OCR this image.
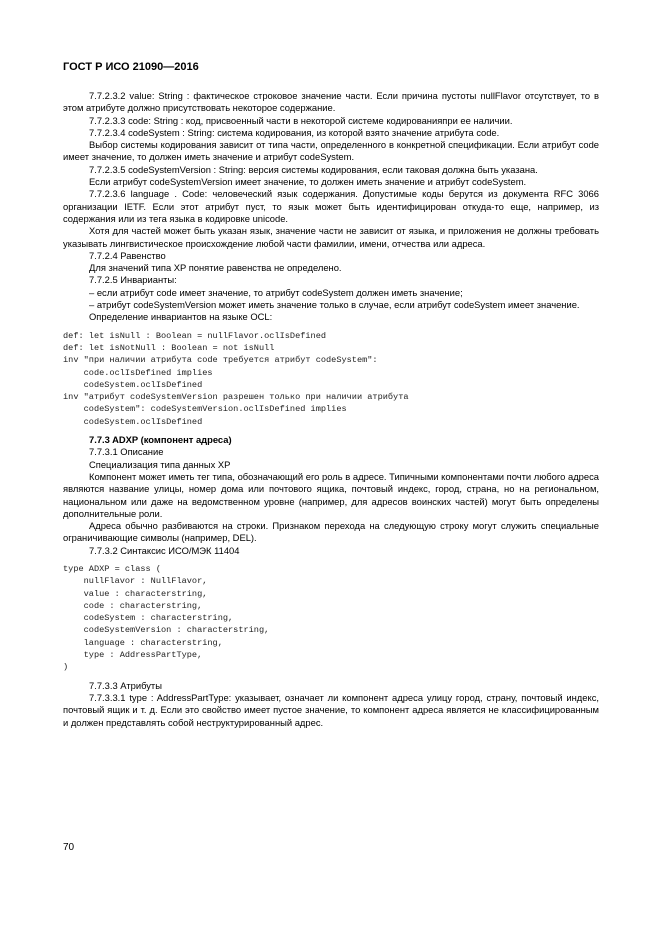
ГОСТ Р ИСО 21090—2016

7.7.2.3.2 value: String : фактическое строковое значение части. Если причина пустоты nullFlavor отсутствует, то в этом атрибуте должно присутствовать некоторое содержание.

7.7.2.3.3 code: String : код, присвоенный части в некоторой системе кодированияпри ее наличии.

7.7.2.3.4 codeSystem : String: система кодирования, из которой взято значение атрибута code.

Выбор системы кодирования зависит от типа части, определенного в конкретной спецификации. Если атрибут code имеет значение, то должен иметь значение и атрибут codeSystem.

7.7.2.3.5 codeSystemVersion : String: версия системы кодирования, если таковая должна быть указана.

Если атрибут codeSystemVersion имеет значение, то должен иметь значение и атрибут codeSystem.

7.7.2.3.6 language . Code: человеческий язык содержания. Допустимые коды берутся из документа RFC 3066 организации IETF. Если этот атрибут пуст, то язык может быть идентифицирован откуда-то еще, например, из содержания или из тега языка в кодировке unicode.

Хотя для частей может быть указан язык, значение части не зависит от языка, и приложения не должны требовать указывать лингвистическое происхождение любой части фамилии, имени, отчества или адреса.

7.7.2.4 Равенство

Для значений типа XP понятие равенства не определено.

7.7.2.5 Инварианты:

– если атрибут code имеет значение, то атрибут codeSystem должен иметь значение;

– атрибут codeSystemVersion может иметь значение только в случае, если атрибут codeSystem имеет значение.

Определение инвариантов на языке OCL:

def: let isNull : Boolean = nullFlavor.oclIsDefined
def: let isNotNull : Boolean = not isNull
inv "при наличии атрибута code требуется атрибут codeSystem":
code.oclIsDefined implies
codeSystem.oclIsDefined
inv "атрибут codeSystemVersion разрешен только при наличии атрибута
codeSystem": codeSystemVersion.oclIsDefined implies
codeSystem.oclIsDefined

7.7.3 ADXP (компонент адреса)

7.7.3.1 Описание

Специализация типа данных XP

Компонент может иметь тег типа, обозначающий его роль в адресе. Типичными компонентами почти любого адреса являются название улицы, номер дома или почтового ящика, почтовый индекс, город, страна, но на региональном, национальном или даже на ведомственном уровне (например, для адресов воинских частей) могут быть определены дополнительные роли.

Адреса обычно разбиваются на строки. Признаком перехода на следующую строку могут служить специальные ограничивающие символы (например, DEL).

7.7.3.2 Синтаксис ИСО/МЭК 11404

type ADXP = class (
nullFlavor : NullFlavor,
value : characterstring,
code : characterstring,
codeSystem : characterstring,
codeSystemVersion : characterstring,
language : characterstring,
type : AddressPartType,
)

7.7.3.3 Атрибуты

7.7.3.3.1 type : AddressPartType: указывает, означает ли компонент адреса улицу город, страну, почтовый индекс, почтовый ящик и т. д. Если это свойство имеет пустое значение, то компонент адреса является не классифицированным и должен представлять собой неструктурированный адрес.

70
